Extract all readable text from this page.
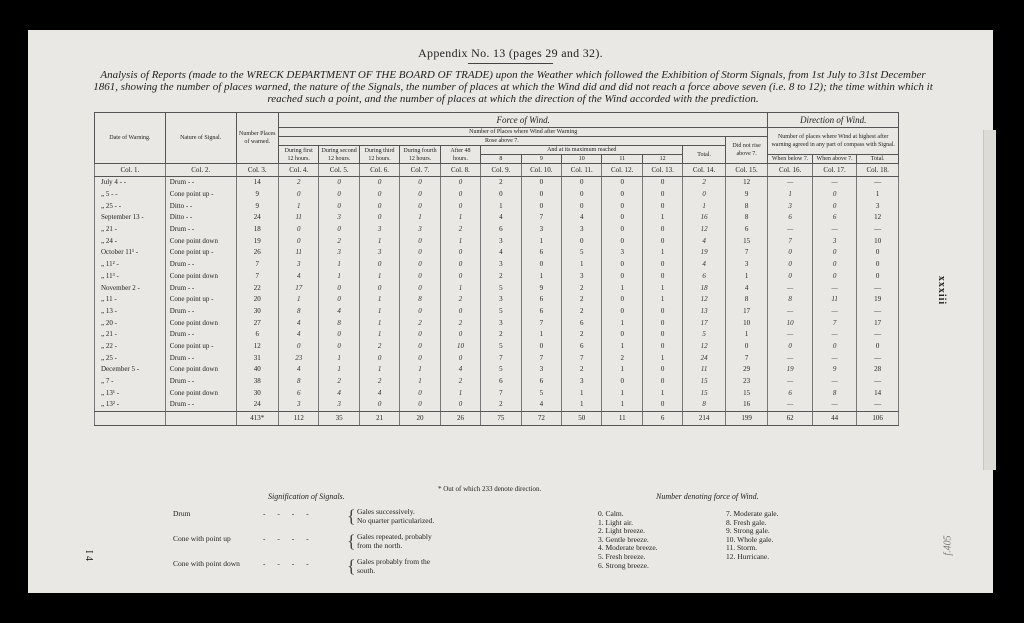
Appendix No. 13 (pages 29 and 32).
Analysis of Reports (made to the WRECK DEPARTMENT OF THE BOARD OF TRADE) upon the Weather which followed the Exhibition of Storm Signals, from 1st July to 31st December 1861, showing the number of places warned, the nature of the Signals, the number of places at which the Wind did and did not reach a force above seven (i.e. 8 to 12); the time within which it reached such a point, and the number of places at which the direction of the Wind accorded with the prediction.
Date of Warning.	Nature of Signal.	Number Places of warned.	Force of Wind.												Direction of Wind.		
			Number of Places where Wind after Warning												Number of places where Wind at highest after warning agreed in any part of compass with Signal.		
			Rose above 7.											Did not rise above 7.			
			During first 12 hours.	During second 12 hours.	During third 12 hours.	During fourth 12 hours.	After 48 hours.	And at its maximum reached					Total.				
								8	9	10	11	12			When below 7.	When above 7.	Total.
Col. 1.	Col. 2.	Col. 3.	Col. 4.	Col. 5.	Col. 6.	Col. 7.	Col. 8.	Col. 9.	Col. 10.	Col. 11.	Col. 12.	Col. 13.	Col. 14.	Col. 15.	Col. 16.	Col. 17.	Col. 18.
July 4 - -	Drum - -	14	2	0	0	0	0	2	0	0	0	0	2	12	—	—	—
„ 5 - -	Cone point up -	9	0	0	0	0	0	0	0	0	0	0	0	9	1	0	1
„ 25 - -	Ditto - -	9	1	0	0	0	0	1	0	0	0	0	1	8	3	0	3
September 13 -	Ditto - -	24	11	3	0	1	1	4	7	4	0	1	16	8	6	6	12
„ 21 -	Drum - -	18	0	0	3	3	2	6	3	3	0	0	12	6	—	—	—
„ 24 -	Cone point down	19	0	2	1	0	1	3	1	0	0	0	4	15	7	3	10
October 11¹ -	Cone point up -	26	11	3	3	0	0	4	6	5	3	1	19	7	0	0	0
„ 11² -	Drum - -	7	3	1	0	0	0	3	0	1	0	0	4	3	0	0	0
„ 11³ -	Cone point down	7	4	1	1	0	0	2	1	3	0	0	6	1	0	0	0
November 2 -	Drum - -	22	17	0	0	0	1	5	9	2	1	1	18	4	—	—	—
„ 11 -	Cone point up -	20	1	0	1	8	2	3	6	2	0	1	12	8	8	11	19
„ 13 -	Drum - -	30	8	4	1	0	0	5	6	2	0	0	13	17	—	—	—
„ 20 -	Cone point down	27	4	8	1	2	2	3	7	6	1	0	17	10	10	7	17
„ 21 -	Drum - -	6	4	0	1	0	0	2	1	2	0	0	5	1	—	—	—
„ 22 -	Cone point up -	12	0	0	2	0	10	5	0	6	1	0	12	0	0	0	0
„ 25 -	Drum - -	31	23	1	0	0	0	7	7	7	2	1	24	7	—	—	—
December 5 -	Cone point down	40	4	1	1	1	4	5	3	2	1	0	11	29	19	9	28
„ 7 -	Drum - -	38	8	2	2	1	2	6	6	3	0	0	15	23	—	—	—
„ 13¹ -	Cone point down	30	6	4	4	0	1	7	5	1	1	1	15	15	6	8	14
„ 13² -	Drum - -	24	3	3	0	0	0	2	4	1	1	0	8	16	—	—	—
		413*	112	35	21	20	26	75	72	50	11	6	214	199	62	44	106
* Out of which 233 denote direction.
Signification of Signals.	Number denoting force of Wind.
Drum	- - - -	{ Gales successively.
No quarter particularized.
Cone with point up	- - - -	{ Gales repeated, probably
from the north.
Cone with point down	- - - -	{ Gales probably from the
south.
0. Calm.
1. Light air.
2. Light breeze.
3. Gentle breeze.
4. Moderate breeze.
5. Fresh breeze.
6. Strong breeze.
7. Moderate gale.
8. Fresh gale.
9. Strong gale.
10. Whole gale.
11. Storm.
12. Hurricane.
xxxiii
I 4	f.405
